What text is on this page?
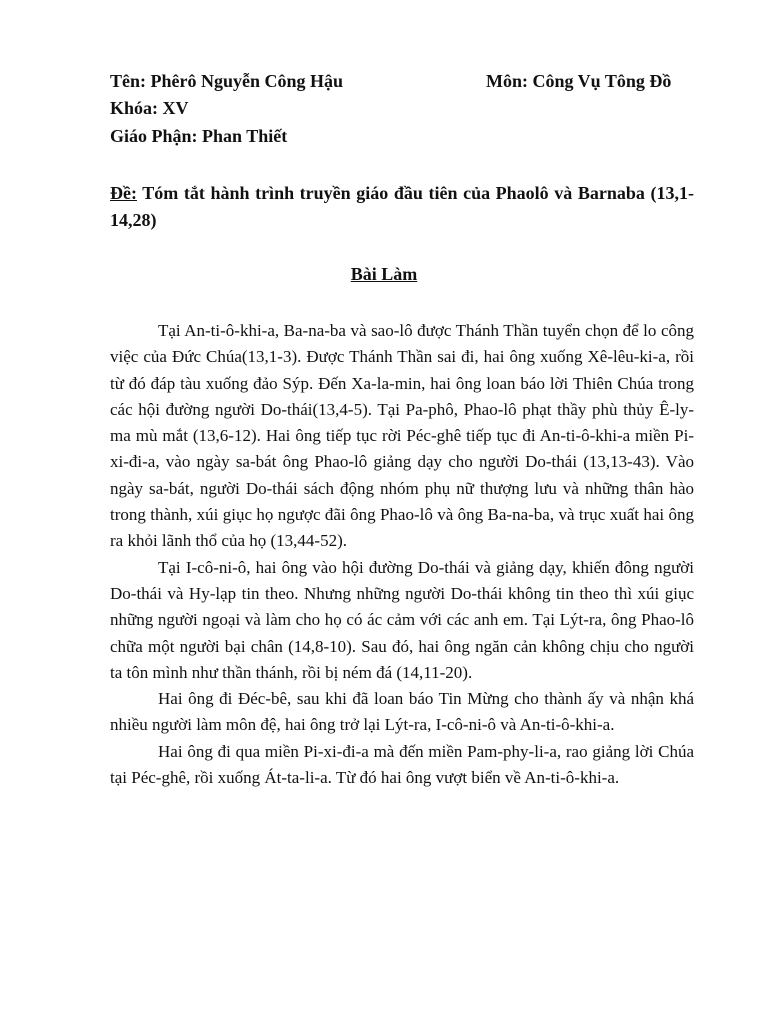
Tên: Phêrô Nguyễn Công Hậu	Môn: Công Vụ Tông Đồ
Khóa: XV
Giáo Phận: Phan Thiết
Đề: Tóm tắt hành trình truyền giáo đầu tiên của Phaolô và Barnaba (13,1-14,28)
Bài Làm

Tại An-ti-ô-khi-a, Ba-na-ba và sao-lô được Thánh Thần tuyển chọn để lo công việc của Đức Chúa(13,1-3). Được Thánh Thần sai đi, hai ông xuống Xê-lêu-ki-a, rồi từ đó đáp tàu xuống đảo Sýp. Đến Xa-la-min, hai ông loan báo lời Thiên Chúa trong các hội đường người Do-thái(13,4-5). Tại Pa-phô, Phao-lô phạt thầy phù thủy Ê-ly-ma mù mắt (13,6-12). Hai ông tiếp tục rời Péc-ghê tiếp tục đi An-ti-ô-khi-a miền Pi-xi-đi-a, vào ngày sa-bát ông Phao-lô giảng dạy cho người Do-thái (13,13-43). Vào ngày sa-bát, người Do-thái sách động nhóm phụ nữ thượng lưu và những thân hào trong thành, xúi giục họ ngược đãi ông Phao-lô và ông Ba-na-ba, và trục xuất hai ông ra khỏi lãnh thổ của họ (13,44-52).

Tại I-cô-ni-ô, hai ông vào hội đường Do-thái và giảng dạy, khiến đông người Do-thái và Hy-lạp tin theo. Nhưng những người Do-thái không tin theo thì xúi giục những người ngoại và làm cho họ có ác cảm với các anh em. Tại Lýt-ra, ông Phao-lô chữa một người bại chân (14,8-10). Sau đó, hai ông ngăn cản không chịu cho người ta tôn mình như thần thánh, rồi bị ném đá (14,11-20).

Hai ông đi Đéc-bê, sau khi đã loan báo Tin Mừng cho thành ấy và nhận khá nhiều người làm môn đệ, hai ông trở lại Lýt-ra, I-cô-ni-ô và An-ti-ô-khi-a.

Hai ông đi qua miền Pi-xi-đi-a mà đến miền Pam-phy-li-a, rao giảng lời Chúa tại Péc-ghê, rồi xuống Át-ta-li-a. Từ đó hai ông vượt biển về An-ti-ô-khi-a.
